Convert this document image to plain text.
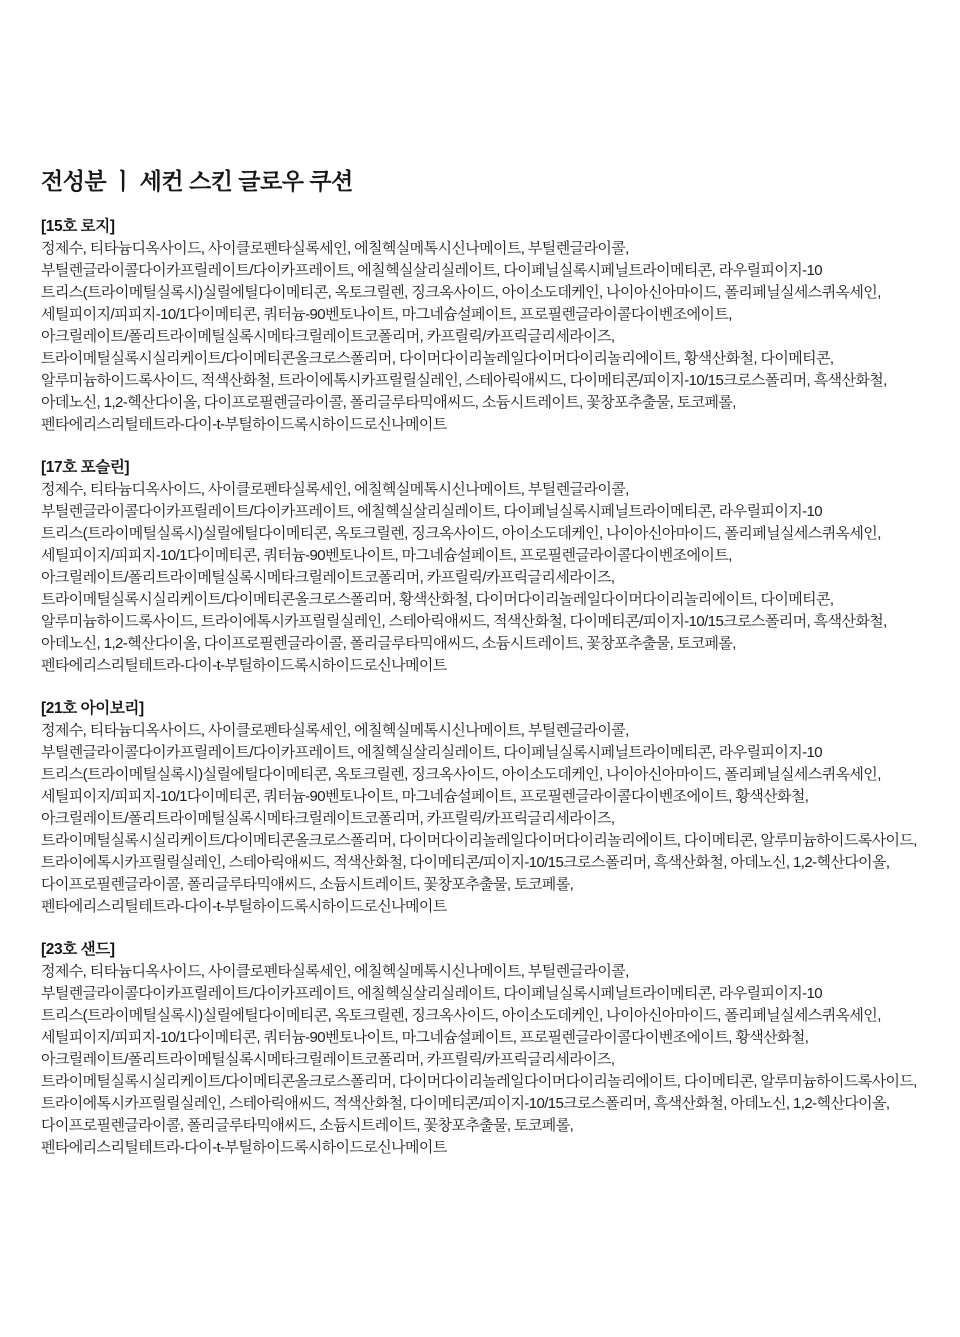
전성분 ㅣ 세컨 스킨 글로우 쿠션
[15호 로지]
정제수, 티타늄디옥사이드, 사이클로펜타실록세인, 에칠헥실메톡시신나메이트, 부틸렌글라이콜,
부틸렌글라이콜다이카프릴레이트/다이카프레이트, 에칠헥실살리실레이트, 다이페닐실록시페닐트라이메티콘, 라우릴피이지-10
트리스(트라이메틸실록시)실릴에틸다이메티콘, 옥토크릴렌, 징크옥사이드, 아이소도데케인, 나이아신아마이드, 폴리페닐실세스퀴옥세인,
세틸피이지/피피지-10/1다이메티콘, 쿼터늄-90벤토나이트, 마그네슘설페이트, 프로필렌글라이콜다이벤조에이트,
아크릴레이트/폴리트라이메틸실록시메타크릴레이트코폴리머, 카프릴릭/카프릭글리세라이즈,
트라이메틸실록시실리케이트/다이메티콘올크로스폴리머, 다이머다이리놀레일다이머다이리놀리에이트, 황색산화철, 다이메티콘,
알루미늄하이드록사이드, 적색산화철, 트라이에톡시카프릴릴실레인, 스테아릭애씨드, 다이메티콘/피이지-10/15크로스폴리머, 흑색산화철,
아데노신, 1,2-헥산다이올, 다이프로필렌글라이콜, 폴리글루타믹애씨드, 소듐시트레이트, 꽃창포추출물, 토코페롤,
펜타에리스리틸테트라-다이-t-부틸하이드록시하이드로신나메이트
[17호 포슬린]
정제수, 티타늄디옥사이드, 사이클로펜타실록세인, 에칠헥실메톡시신나메이트, 부틸렌글라이콜,
부틸렌글라이콜다이카프릴레이트/다이카프레이트, 에칠헥실살리실레이트, 다이페닐실록시페닐트라이메티콘, 라우릴피이지-10
트리스(트라이메틸실록시)실릴에틸다이메티콘, 옥토크릴렌, 징크옥사이드, 아이소도데케인, 나이아신아마이드, 폴리페닐실세스퀴옥세인,
세틸피이지/피피지-10/1다이메티콘, 쿼터늄-90벤토나이트, 마그네슘설페이트, 프로필렌글라이콜다이벤조에이트,
아크릴레이트/폴리트라이메틸실록시메타크릴레이트코폴리머, 카프릴릭/카프릭글리세라이즈,
트라이메틸실록시실리케이트/다이메티콘올크로스폴리머, 황색산화철, 다이머다이리놀레일다이머다이리놀리에이트, 다이메티콘,
알루미늄하이드록사이드, 트라이에톡시카프릴릴실레인, 스테아릭애씨드, 적색산화철, 다이메티콘/피이지-10/15크로스폴리머, 흑색산화철,
아데노신, 1,2-헥산다이올, 다이프로필렌글라이콜, 폴리글루타믹애씨드, 소듐시트레이트, 꽃창포추출물, 토코페롤,
펜타에리스리틸테트라-다이-t-부틸하이드록시하이드로신나메이트
[21호 아이보리]
정제수, 티타늄디옥사이드, 사이클로펜타실록세인, 에칠헥실메톡시신나메이트, 부틸렌글라이콜,
부틸렌글라이콜다이카프릴레이트/다이카프레이트, 에칠헥실살리실레이트, 다이페닐실록시페닐트라이메티콘, 라우릴피이지-10
트리스(트라이메틸실록시)실릴에틸다이메티콘, 옥토크릴렌, 징크옥사이드, 아이소도데케인, 나이아신아마이드, 폴리페닐실세스퀴옥세인,
세틸피이지/피피지-10/1다이메티콘, 쿼터늄-90벤토나이트, 마그네슘설페이트, 프로필렌글라이콜다이벤조에이트, 황색산화철,
아크릴레이트/폴리트라이메틸실록시메타크릴레이트코폴리머, 카프릴릭/카프릭글리세라이즈,
트라이메틸실록시실리케이트/다이메티콘올크로스폴리머, 다이머다이리놀레일다이머다이리놀리에이트, 다이메티콘, 알루미늄하이드록사이드,
트라이에톡시카프릴릴실레인, 스테아릭애씨드, 적색산화철, 다이메티콘/피이지-10/15크로스폴리머, 흑색산화철, 아데노신, 1,2-헥산다이올,
다이프로필렌글라이콜, 폴리글루타믹애씨드, 소듐시트레이트, 꽃창포추출물, 토코페롤,
펜타에리스리틸테트라-다이-t-부틸하이드록시하이드로신나메이트
[23호 샌드]
정제수, 티타늄디옥사이드, 사이클로펜타실록세인, 에칠헥실메톡시신나메이트, 부틸렌글라이콜,
부틸렌글라이콜다이카프릴레이트/다이카프레이트, 에칠헥실살리실레이트, 다이페닐실록시페닐트라이메티콘, 라우릴피이지-10
트리스(트라이메틸실록시)실릴에틸다이메티콘, 옥토크릴렌, 징크옥사이드, 아이소도데케인, 나이아신아마이드, 폴리페닐실세스퀴옥세인,
세틸피이지/피피지-10/1다이메티콘, 쿼터늄-90벤토나이트, 마그네슘설페이트, 프로필렌글라이콜다이벤조에이트, 황색산화철,
아크릴레이트/폴리트라이메틸실록시메타크릴레이트코폴리머, 카프릴릭/카프릭글리세라이즈,
트라이메틸실록시실리케이트/다이메티콘올크로스폴리머, 다이머다이리놀레일다이머다이리놀리에이트, 다이메티콘, 알루미늄하이드록사이드,
트라이에톡시카프릴릴실레인, 스테아릭애씨드, 적색산화철, 다이메티콘/피이지-10/15크로스폴리머, 흑색산화철, 아데노신, 1,2-헥산다이올,
다이프로필렌글라이콜, 폴리글루타믹애씨드, 소듐시트레이트, 꽃창포추출물, 토코페롤,
펜타에리스리틸테트라-다이-t-부틸하이드록시하이드로신나메이트
